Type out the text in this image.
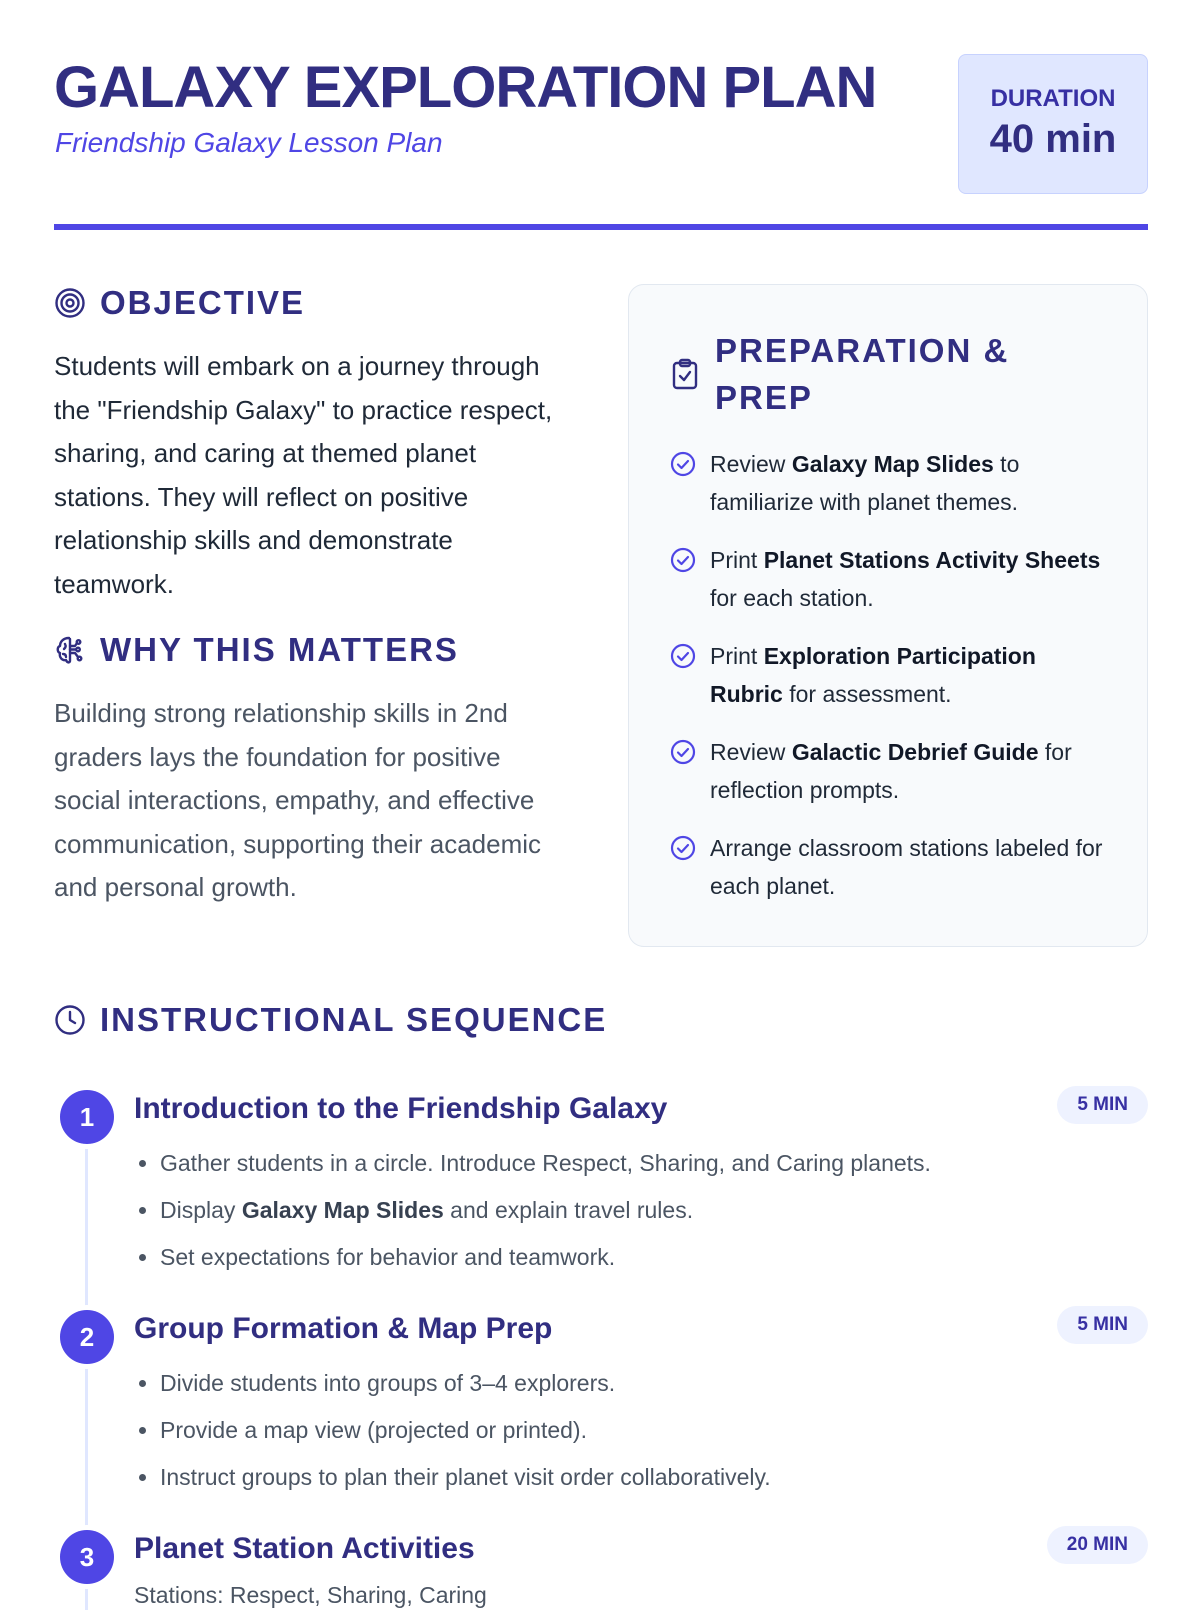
GALAXY EXPLORATION PLAN

Friendship Galaxy Lesson Plan

DURATION
40 min
OBJECTIVE

Students will embark on a journey through the "Friendship Galaxy" to practice respect, sharing, and caring at themed planet stations. They will reflect on positive relationship skills and demonstrate teamwork.

WHY THIS MATTERS

Building strong relationship skills in 2nd graders lays the foundation for positive social interactions, empathy, and effective communication, supporting their academic and personal growth.

PREPARATION & PREP
Review Galaxy Map Slides to familiarize with planet themes.
Print Planet Stations Activity Sheets for each station.
Print Exploration Participation Rubric for assessment.
Review Galactic Debrief Guide for reflection prompts.
Arrange classroom stations labeled for each planet.
INSTRUCTIONAL SEQUENCE
1	Introduction to the Friendship Galaxy	5 MIN
• Gather students in a circle. Introduce Respect, Sharing, and Caring planets.
• Display Galaxy Map Slides and explain travel rules.
• Set expectations for behavior and teamwork.
2	Group Formation & Map Prep	5 MIN
• Divide students into groups of 3–4 explorers.
• Provide a map view (projected or printed).
• Instruct groups to plan their planet visit order collaboratively.
3	Planet Station Activities	20 MIN

Stations: Respect, Sharing, Caring
